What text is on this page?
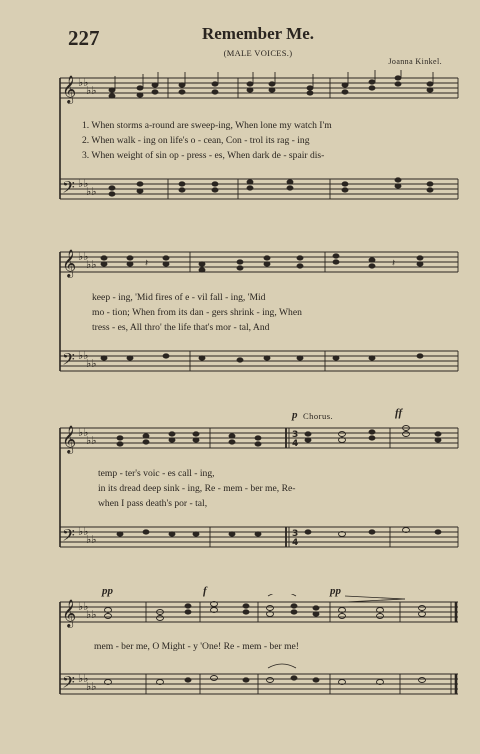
227	Remember Me.
(MALE VOICES.)
Joanna Kinkel.
𝄞
𝄢
♭♭
♭♭
♭♭
♭♭
1. When storms a-round are sweep-ing, When lone my watch I'm
2. When walk - ing on life's o - cean, Con - trol its rag - ing
3. When weight of sin op - press - es, When dark de - spair dis-
𝄞
𝄢
♭♭
♭♭
♭♭
♭♭
𝄽	𝄽
keep - ing, 'Mid fires of e - vil fall - ing, 'Mid
mo - tion; When from its dan - gers shrink - ing, When
tress - es, All thro' the life that's mor - tal, And
p Chorus.	ff
𝄞
𝄢
♭♭
♭♭
♭♭
♭♭
3
4
3
4
temp - ter's voic - es call - ing,
in its dread deep sink - ing, Re - mem - ber me, Re-
when I pass death's por - tal,
pp	f	pp
𝄞
𝄢
♭♭
♭♭
♭♭
♭♭
mem - ber me, O Might - y 'One! Re - mem - ber me!
